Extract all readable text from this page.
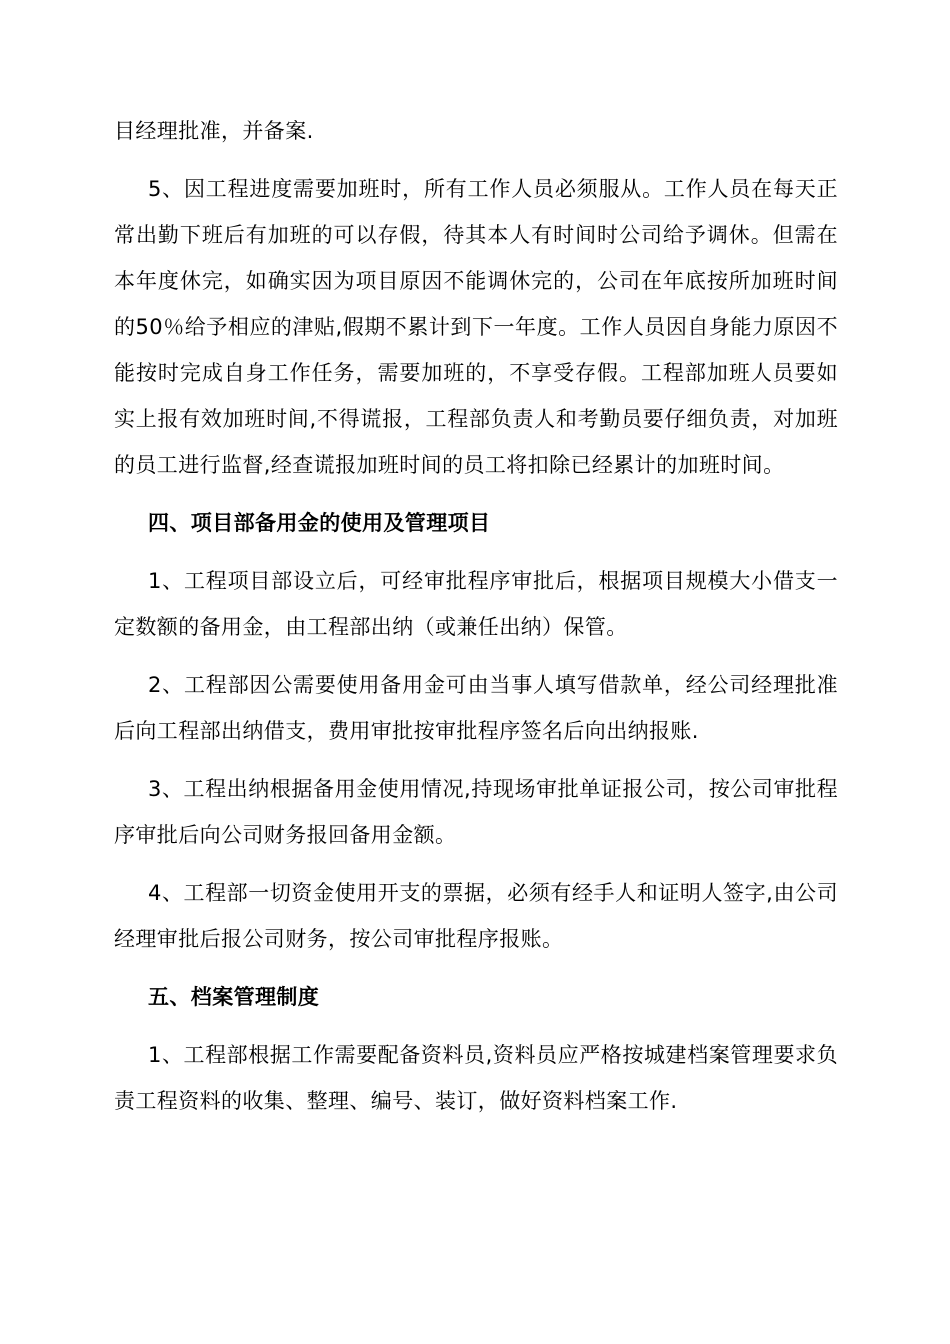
目经理批准，并备案.

5、因工程进度需要加班时，所有工作人员必须服从。工作人员在每天正常出勤下班后有加班的可以存假，待其本人有时间时公司给予调休。但需在本年度休完，如确实因为项目原因不能调休完的，公司在年底按所加班时间的50％给予相应的津贴,假期不累计到下一年度。工作人员因自身能力原因不能按时完成自身工作任务，需要加班的，不享受存假。工程部加班人员要如实上报有效加班时间,不得谎报，工程部负责人和考勤员要仔细负责，对加班的员工进行监督,经查谎报加班时间的员工将扣除已经累计的加班时间。

四、项目部备用金的使用及管理项目

1、工程项目部设立后，可经审批程序审批后，根据项目规模大小借支一定数额的备用金，由工程部出纳（或兼任出纳）保管。

2、工程部因公需要使用备用金可由当事人填写借款单，经公司经理批准后向工程部出纳借支，费用审批按审批程序签名后向出纳报账.

3、工程出纳根据备用金使用情况,持现场审批单证报公司，按公司审批程序审批后向公司财务报回备用金额。

4、工程部一切资金使用开支的票据，必须有经手人和证明人签字,由公司经理审批后报公司财务，按公司审批程序报账。

五、档案管理制度

1、工程部根据工作需要配备资料员,资料员应严格按城建档案管理要求负责工程资料的收集、整理、编号、装订，做好资料档案工作.
